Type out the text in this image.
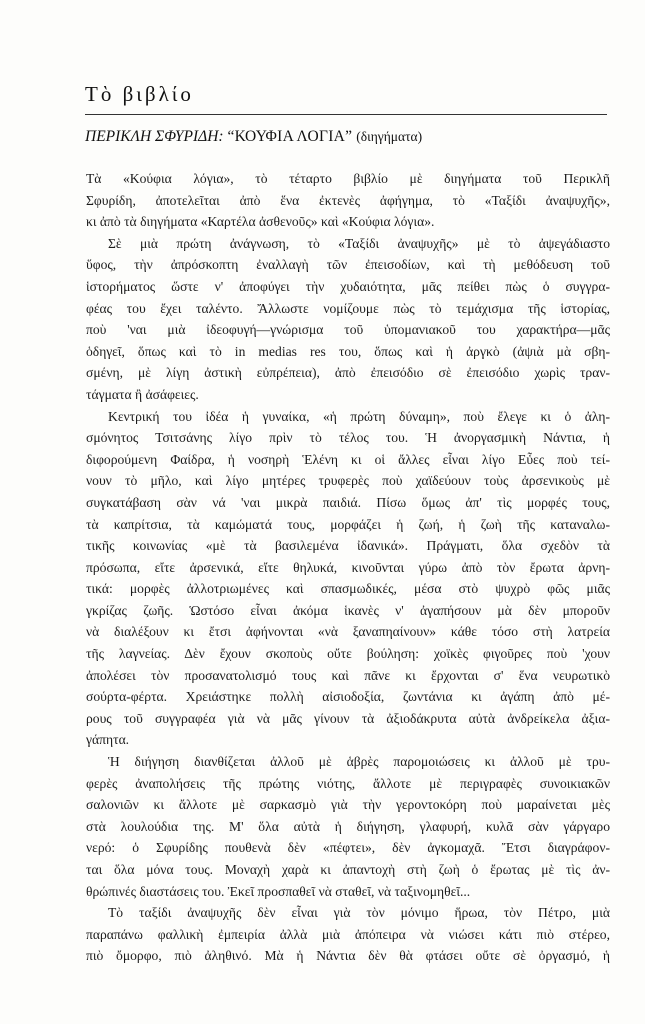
Τὸ βιβλίο
ΠΕΡΙΚΛΗ ΣΦΥΡΙΔΗ: “ΚΟΥΦΙΑ ΛΟΓΙΑ” (διηγήματα)
Τὰ «Κούφια λόγια», τὸ τέταρτο βιβλίο μὲ διηγήματα τοῦ Περικλῆ
Σφυρίδη, ἀποτελεῖται ἀπὸ ἕνα ἐκτενὲς ἀφήγημα, τὸ «Ταξίδι ἀναψυχῆς»,
κι ἀπὸ τὰ διηγήματα «Καρτέλα ἀσθενοῦς» καὶ «Κούφια λόγια».
Σὲ μιὰ πρώτη ἀνάγνωση, τὸ «Ταξίδι ἀναψυχῆς» μὲ τὸ ἀψεγάδιαστο
ὕφος, τὴν ἀπρόσκοπτη ἐναλλαγὴ τῶν ἐπεισοδίων, καὶ τὴ μεθόδευση τοῦ
ἱστορήματος ὥστε ν' ἀποφύγει τὴν χυδαιότητα, μᾶς πείθει πὼς ὁ συγγρα-
φέας του ἔχει ταλέντο. Ἄλλωστε νομίζουμε πὼς τὸ τεμάχισμα τῆς ἱστορίας,
ποὺ 'ναι μιὰ ἰδεοφυγή—γνώρισμα τοῦ ὑπομανιακοῦ του χαρακτήρα—μᾶς
ὁδηγεῖ, ὅπως καὶ τὸ in medias res του, ὅπως καὶ ἡ ἀργκὸ (ἀψιὰ μὰ σβη-
σμένη, μὲ λίγη ἀστικὴ εὐπρέπεια), ἀπὸ ἐπεισόδιο σὲ ἐπεισόδιο χωρὶς τραν-
τάγματα ἢ ἀσάφειες.
Κεντρική του ἰδέα ἡ γυναίκα, «ἡ πρώτη δύναμη», ποὺ ἔλεγε κι ὁ ἀλη-
σμόνητος Τσιτσάνης λίγο πρὶν τὸ τέλος του. Ἡ ἀνοργασμικὴ Νάντια, ἡ
διφορούμενη Φαίδρα, ἡ νοσηρὴ Ἑλένη κι οἱ ἄλλες εἶναι λίγο Εὖες ποὺ τεί-
νουν τὸ μῆλο, καὶ λίγο μητέρες τρυφερὲς ποὺ χαϊδεύουν τοὺς ἀρσενικοὺς μὲ
συγκατάβαση σὰν νά 'ναι μικρὰ παιδιά. Πίσω ὅμως ἀπ' τὶς μορφές τους,
τὰ καπρίτσια, τὰ καμώματά τους, μορφάζει ἡ ζωή, ἡ ζωὴ τῆς καταναλω-
τικῆς κοινωνίας «μὲ τὰ βασιλεμένα ἰδανικά». Πράγματι, ὅλα σχεδὸν τὰ
πρόσωπα, εἴτε ἀρσενικά, εἴτε θηλυκά, κινοῦνται γύρω ἀπὸ τὸν ἔρωτα ἀρνη-
τικά: μορφὲς ἀλλοτριωμένες καὶ σπασμωδικές, μέσα στὸ ψυχρὸ φῶς μιᾶς
γκρίζας ζωῆς. Ὡστόσο εἶναι ἀκόμα ἱκανὲς ν' ἀγαπήσουν μὰ δὲν μποροῦν
νὰ διαλέξουν κι ἔτσι ἀφήνονται «νὰ ξαναπηαίνουν» κάθε τόσο στὴ λατρεία
τῆς λαγνείας. Δὲν ἔχουν σκοποὺς οὔτε βούληση: χοϊκὲς φιγοῦρες ποὺ 'χουν
ἀπολέσει τὸν προσανατολισμό τους καὶ πᾶνε κι ἔρχονται σ' ἕνα νευρωτικὸ
σούρτα-φέρτα. Χρειάστηκε πολλὴ αἰσιοδοξία, ζωντάνια κι ἀγάπη ἀπὸ μέ-
ρους τοῦ συγγραφέα γιὰ νὰ μᾶς γίνουν τὰ ἀξιοδάκρυτα αὐτὰ ἀνδρείκελα ἀξια-
γάπητα.
Ἡ διήγηση διανθίζεται ἀλλοῦ μὲ ἁβρὲς παρομοιώσεις κι ἀλλοῦ μὲ τρυ-
φερὲς ἀναπολήσεις τῆς πρώτης νιότης, ἄλλοτε μὲ περιγραφὲς συνοικιακῶν
σαλονιῶν κι ἄλλοτε μὲ σαρκασμὸ γιὰ τὴν γεροντοκόρη ποὺ μαραίνεται μὲς
στὰ λουλούδια της. Μ' ὅλα αὐτὰ ἡ διήγηση, γλαφυρή, κυλᾶ σὰν γάργαρο
νερό: ὁ Σφυρίδης πουθενὰ δὲν «πέφτει», δὲν ἀγκομαχᾶ. Ἔτσι διαγράφον-
ται ὅλα μόνα τους. Μοναχὴ χαρὰ κι ἀπαντοχὴ στὴ ζωὴ ὁ ἔρωτας μὲ τὶς ἀν-
θρώπινές διαστάσεις του. Ἐκεῖ προσπαθεῖ νὰ σταθεῖ, νὰ ταξινομηθεῖ...
Τὸ ταξίδι ἀναψυχῆς δὲν εἶναι γιὰ τὸν μόνιμο ἥρωα, τὸν Πέτρο, μιὰ
παραπάνω φαλλικὴ ἐμπειρία ἀλλὰ μιὰ ἀπόπειρα νὰ νιώσει κάτι πιὸ στέρεο,
πιὸ ὄμορφο, πιὸ ἀληθινό. Μὰ ἡ Νάντια δὲν θὰ φτάσει οὔτε σὲ ὀργασμό, ἡ
